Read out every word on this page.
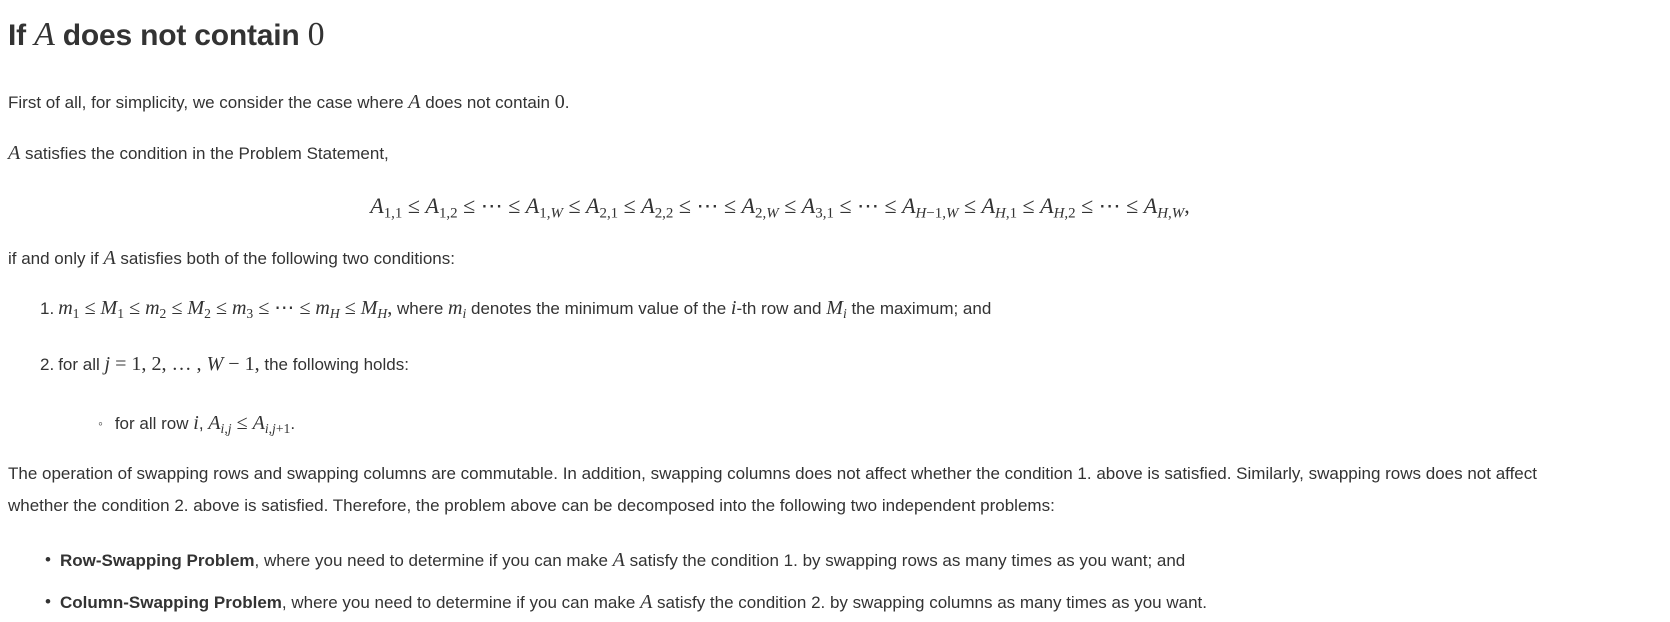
If A does not contain 0

First of all, for simplicity, we consider the case where A does not contain 0.

A satisfies the condition in the Problem Statement,

$A_{1,1} \le A_{1,2}$ ≤ ⋯ ≤ $A_{1,W} \le A_{2,1} \le A_{2,2}$ ≤ ⋯ ≤ $A_{2,W} \le A_{3,1}$ ≤ ⋯ ≤ $A_{H-1,W} \le A_{H,1} \le A_{H,2}$ ≤ ⋯ ≤ $A_{H,W}$,

if and only if A satisfies both of the following two conditions:

1. $m_1 \le M_1 \le m_2 \le M_2 \le m_3$ ≤ ⋯ ≤ $m_H \le M_H$, where $m_i$ denotes the minimum value of the i-th row and $M_i$ the maximum; and
2. for all j = 1, 2, … , W − 1, the following holds:
◦ for all row i, $A_{i,j} \le A_{i,j+1}$.

The operation of swapping rows and swapping columns are commutable. In addition, swapping columns does not affect whether the condition 1. above is satisfied. Similarly, swapping rows does not affect whether the condition 2. above is satisfied. Therefore, the problem above can be decomposed into the following two independent problems:

• Row-Swapping Problem, where you need to determine if you can make A satisfy the condition 1. by swapping rows as many times as you want; and
• Column-Swapping Problem, where you need to determine if you can make A satisfy the condition 2. by swapping columns as many times as you want.
